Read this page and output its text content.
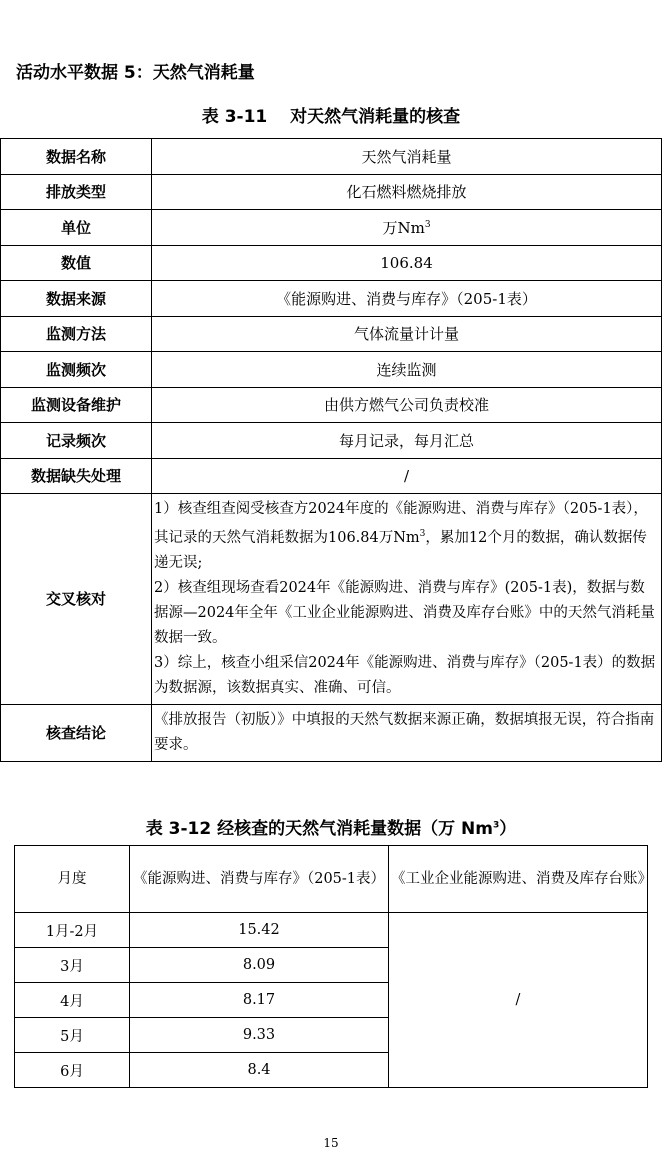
活动水平数据 5：天然气消耗量
表 3-11　 对天然气消耗量的核查
数据名称	天然气消耗量
排放类型	化石燃料燃烧排放
单位	万Nm$^3$
数值	106.84
数据来源	《能源购进、消费与库存》（205-1表）
监测方法	气体流量计计量
监测频次	连续监测
监测设备维护	由供方燃气公司负责校准
记录频次	每月记录，每月汇总
数据缺失处理	/
交叉核对	1）核查组查阅受核查方2024年度的《能源购进、消费与库存》（205-1表），其记录的天然气消耗数据为106.84万Nm$^3$，累加12个月的数据，确认数据传递无误;
2）核查组现场查看2024年《能源购进、消费与库存》(205-1表)，数据与数据源—2024年全年《工业企业能源购进、消费及库存台账》中的天然气消耗量数据一致。
3）综上，核查小组采信2024年《能源购进、消费与库存》（205-1表）的数据为数据源，该数据真实、准确、可信。

核查结论	《排放报告（初版）》中填报的天然气数据来源正确，数据填报无误，符合指南要求。
表 3-12 经核查的天然气消耗量数据（万 Nm$^3$）
月度	《能源购进、消费与库存》（205-1表）	《工业企业能源购进、消费及库存台账》
1月-2月	15.42	/
3月	8.09	
4月	8.17	
5月	9.33	
6月	8.4	
15
